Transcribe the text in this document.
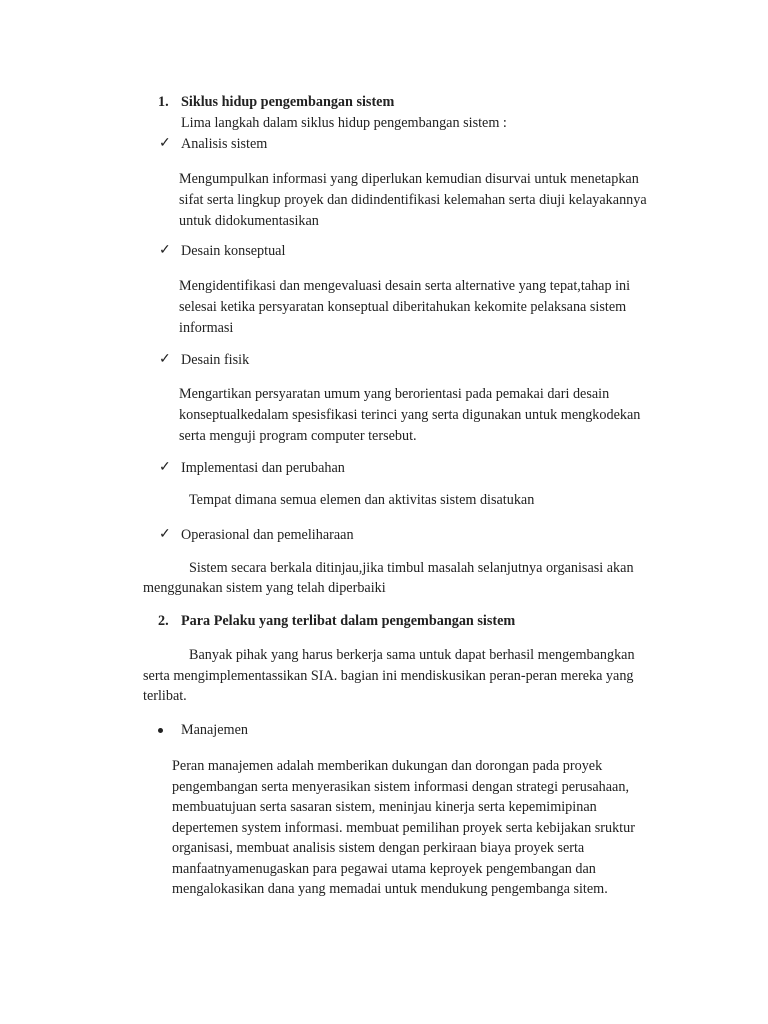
1. Siklus hidup pengembangan sistem
Lima langkah dalam siklus hidup pengembangan sistem :
✓ Analisis sistem
Mengumpulkan informasi yang diperlukan kemudian disurvai untuk menetapkan
sifat serta lingkup proyek dan didindentifikasi kelemahan serta diuji kelayakannya
untuk didokumentasikan
✓ Desain konseptual
Mengidentifikasi dan mengevaluasi desain serta alternative yang tepat,tahap ini
selesai ketika persyaratan konseptual diberitahukan kekomite pelaksana sistem
informasi
✓ Desain fisik
Mengartikan persyaratan umum yang berorientasi pada pemakai dari desain
konseptualkedalam spesisfikasi terinci yang serta digunakan untuk mengkodekan
serta menguji program computer tersebut.
✓ Implementasi dan perubahan
Tempat dimana semua elemen dan aktivitas sistem disatukan
✓ Operasional dan pemeliharaan
Sistem secara berkala ditinjau,jika timbul masalah selanjutnya organisasi akan
menggunakan sistem yang telah diperbaiki
2. Para Pelaku yang terlibat dalam pengembangan sistem
Banyak pihak yang harus berkerja sama untuk dapat berhasil mengembangkan
serta mengimplementassikan SIA. bagian ini mendiskusikan peran-peran mereka yang
terlibat.
Manajemen
Peran manajemen adalah memberikan dukungan dan dorongan pada proyek
pengembangan serta menyerasikan sistem informasi dengan strategi perusahaan,
membuatujuan serta sasaran sistem, meninjau kinerja serta kepemimipinan
depertemen system informasi. membuat pemilihan proyek serta kebijakan sruktur
organisasi, membuat analisis sistem dengan perkiraan biaya proyek serta
manfaatnyamenugaskan para pegawai utama keproyek pengembangan dan
mengalokasikan dana yang memadai untuk mendukung pengembanga sitem.
